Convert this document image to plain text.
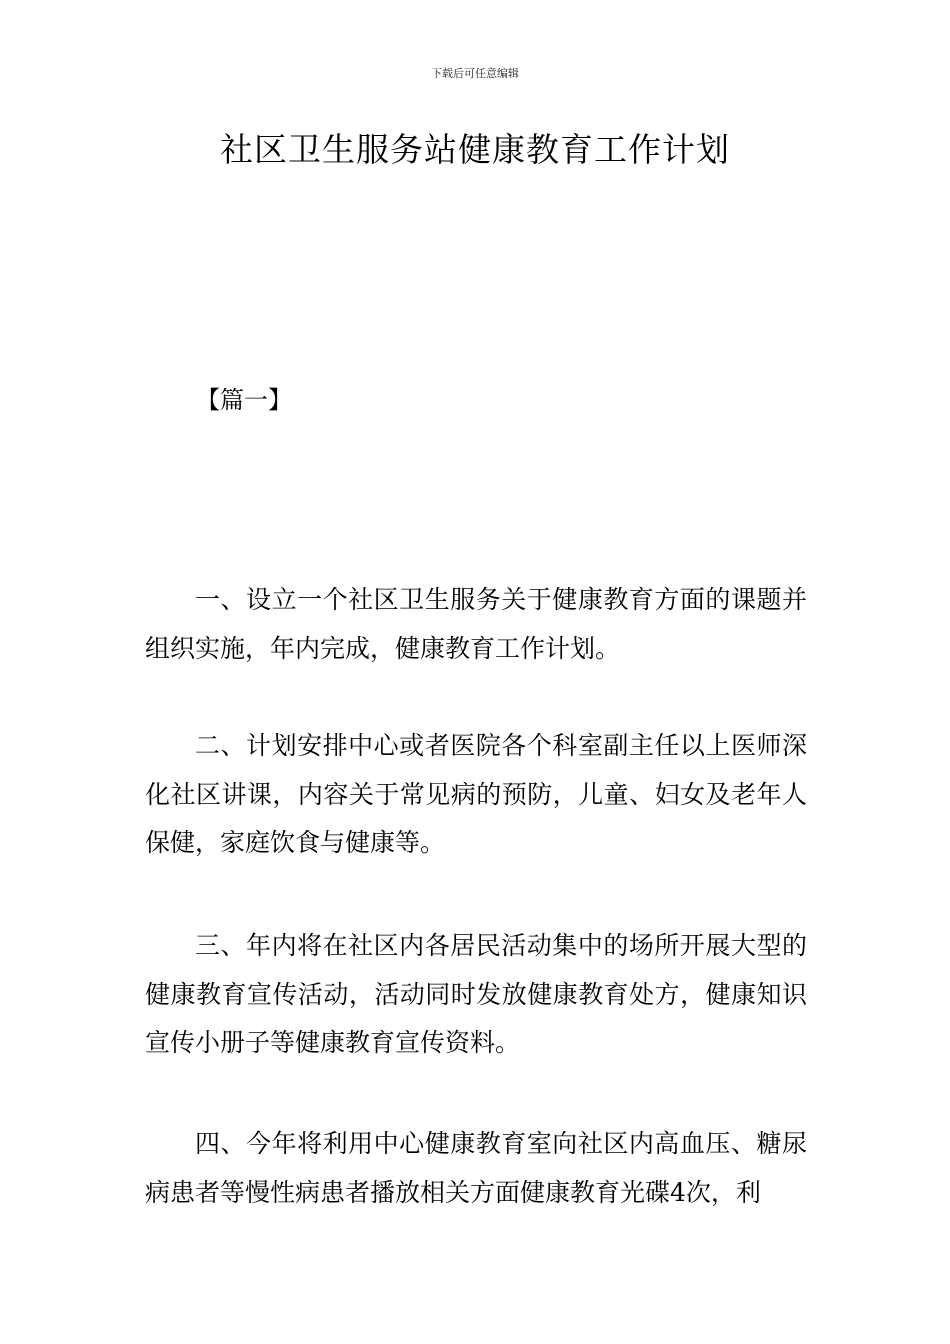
下载后可任意编辑
社区卫生服务站健康教育工作计划
【篇一】

一、设立一个社区卫生服务关于健康教育方面的课题并组织实施，年内完成，健康教育工作计划。

二、计划安排中心或者医院各个科室副主任以上医师深化社区讲课，内容关于常见病的预防，儿童、妇女及老年人保健，家庭饮食与健康等。

三、年内将在社区内各居民活动集中的场所开展大型的健康教育宣传活动，活动同时发放健康教育处方，健康知识宣传小册子等健康教育宣传资料。

四、今年将利用中心健康教育室向社区内高血压、糖尿病患者等慢性病患者播放相关方面健康教育光碟4次，利
